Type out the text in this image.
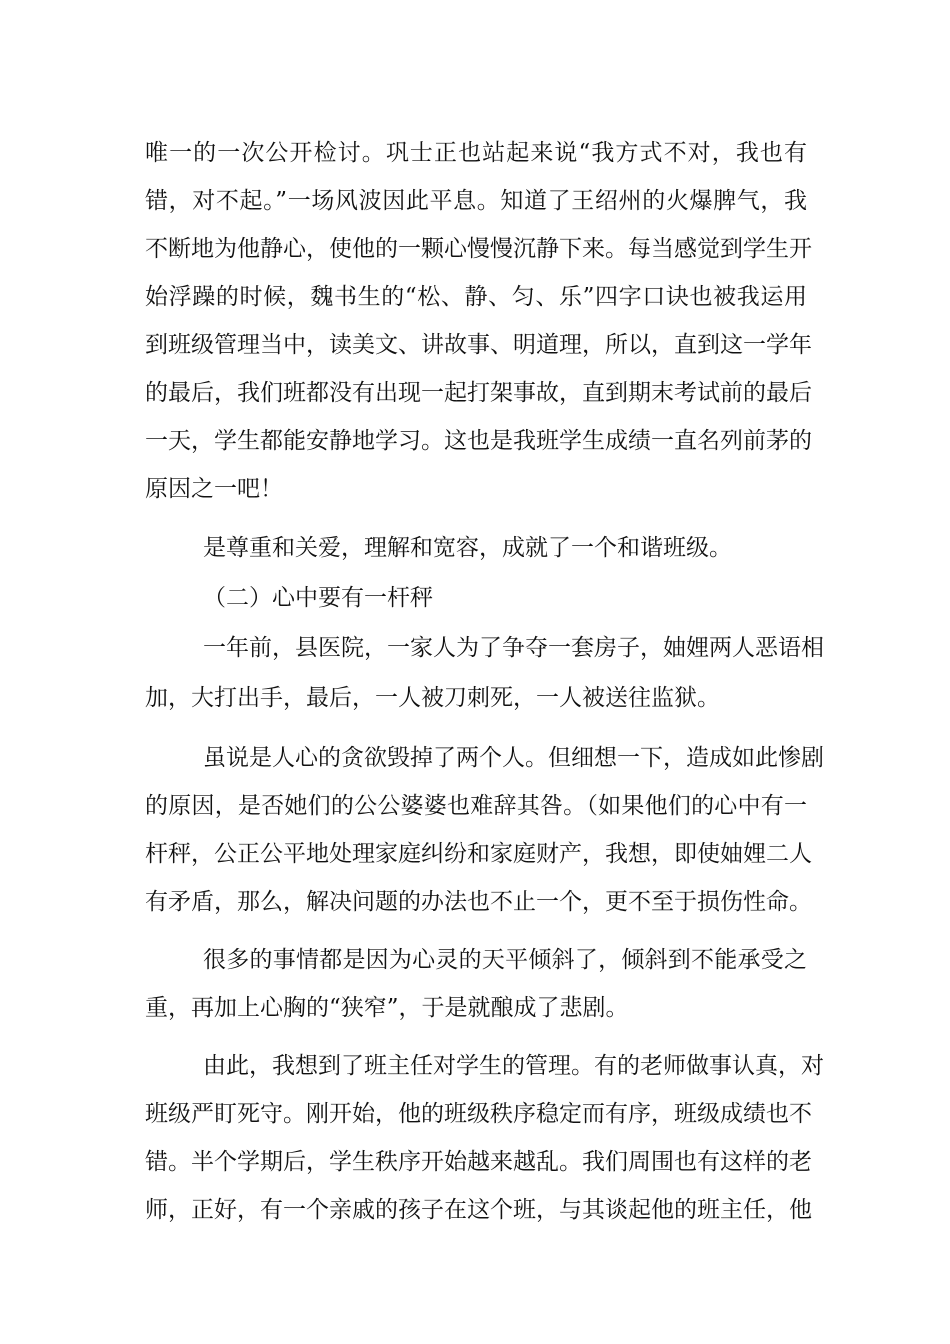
唯一的一次公开检讨。巩士正也站起来说“我方式不对，我也有
错，对不起。”一场风波因此平息。知道了王绍州的火爆脾气，我
不断地为他静心，使他的一颗心慢慢沉静下来。每当感觉到学生开
始浮躁的时候，魏书生的“松、静、匀、乐”四字口诀也被我运用
到班级管理当中，读美文、讲故事、明道理，所以，直到这一学年
的最后，我们班都没有出现一起打架事故，直到期末考试前的最后
一天，学生都能安静地学习。这也是我班学生成绩一直名列前茅的
原因之一吧！
是尊重和关爱，理解和宽容，成就了一个和谐班级。
（二）心中要有一杆秤
一年前，县医院，一家人为了争夺一套房子，妯娌两人恶语相
加，大打出手，最后，一人被刀刺死，一人被送往监狱。
虽说是人心的贪欲毁掉了两个人。但细想一下，造成如此惨剧
的原因，是否她们的公公婆婆也难辞其咎。（如果他们的心中有一
杆秤，公正公平地处理家庭纠纷和家庭财产，我想，即使妯娌二人
有矛盾，那么，解决问题的办法也不止一个，更不至于损伤性命。
很多的事情都是因为心灵的天平倾斜了，倾斜到不能承受之
重，再加上心胸的“狭窄”，于是就酿成了悲剧。
由此，我想到了班主任对学生的管理。有的老师做事认真，对
班级严盯死守。刚开始，他的班级秩序稳定而有序，班级成绩也不
错。半个学期后，学生秩序开始越来越乱。我们周围也有这样的老
师，正好，有一个亲戚的孩子在这个班，与其谈起他的班主任，他
